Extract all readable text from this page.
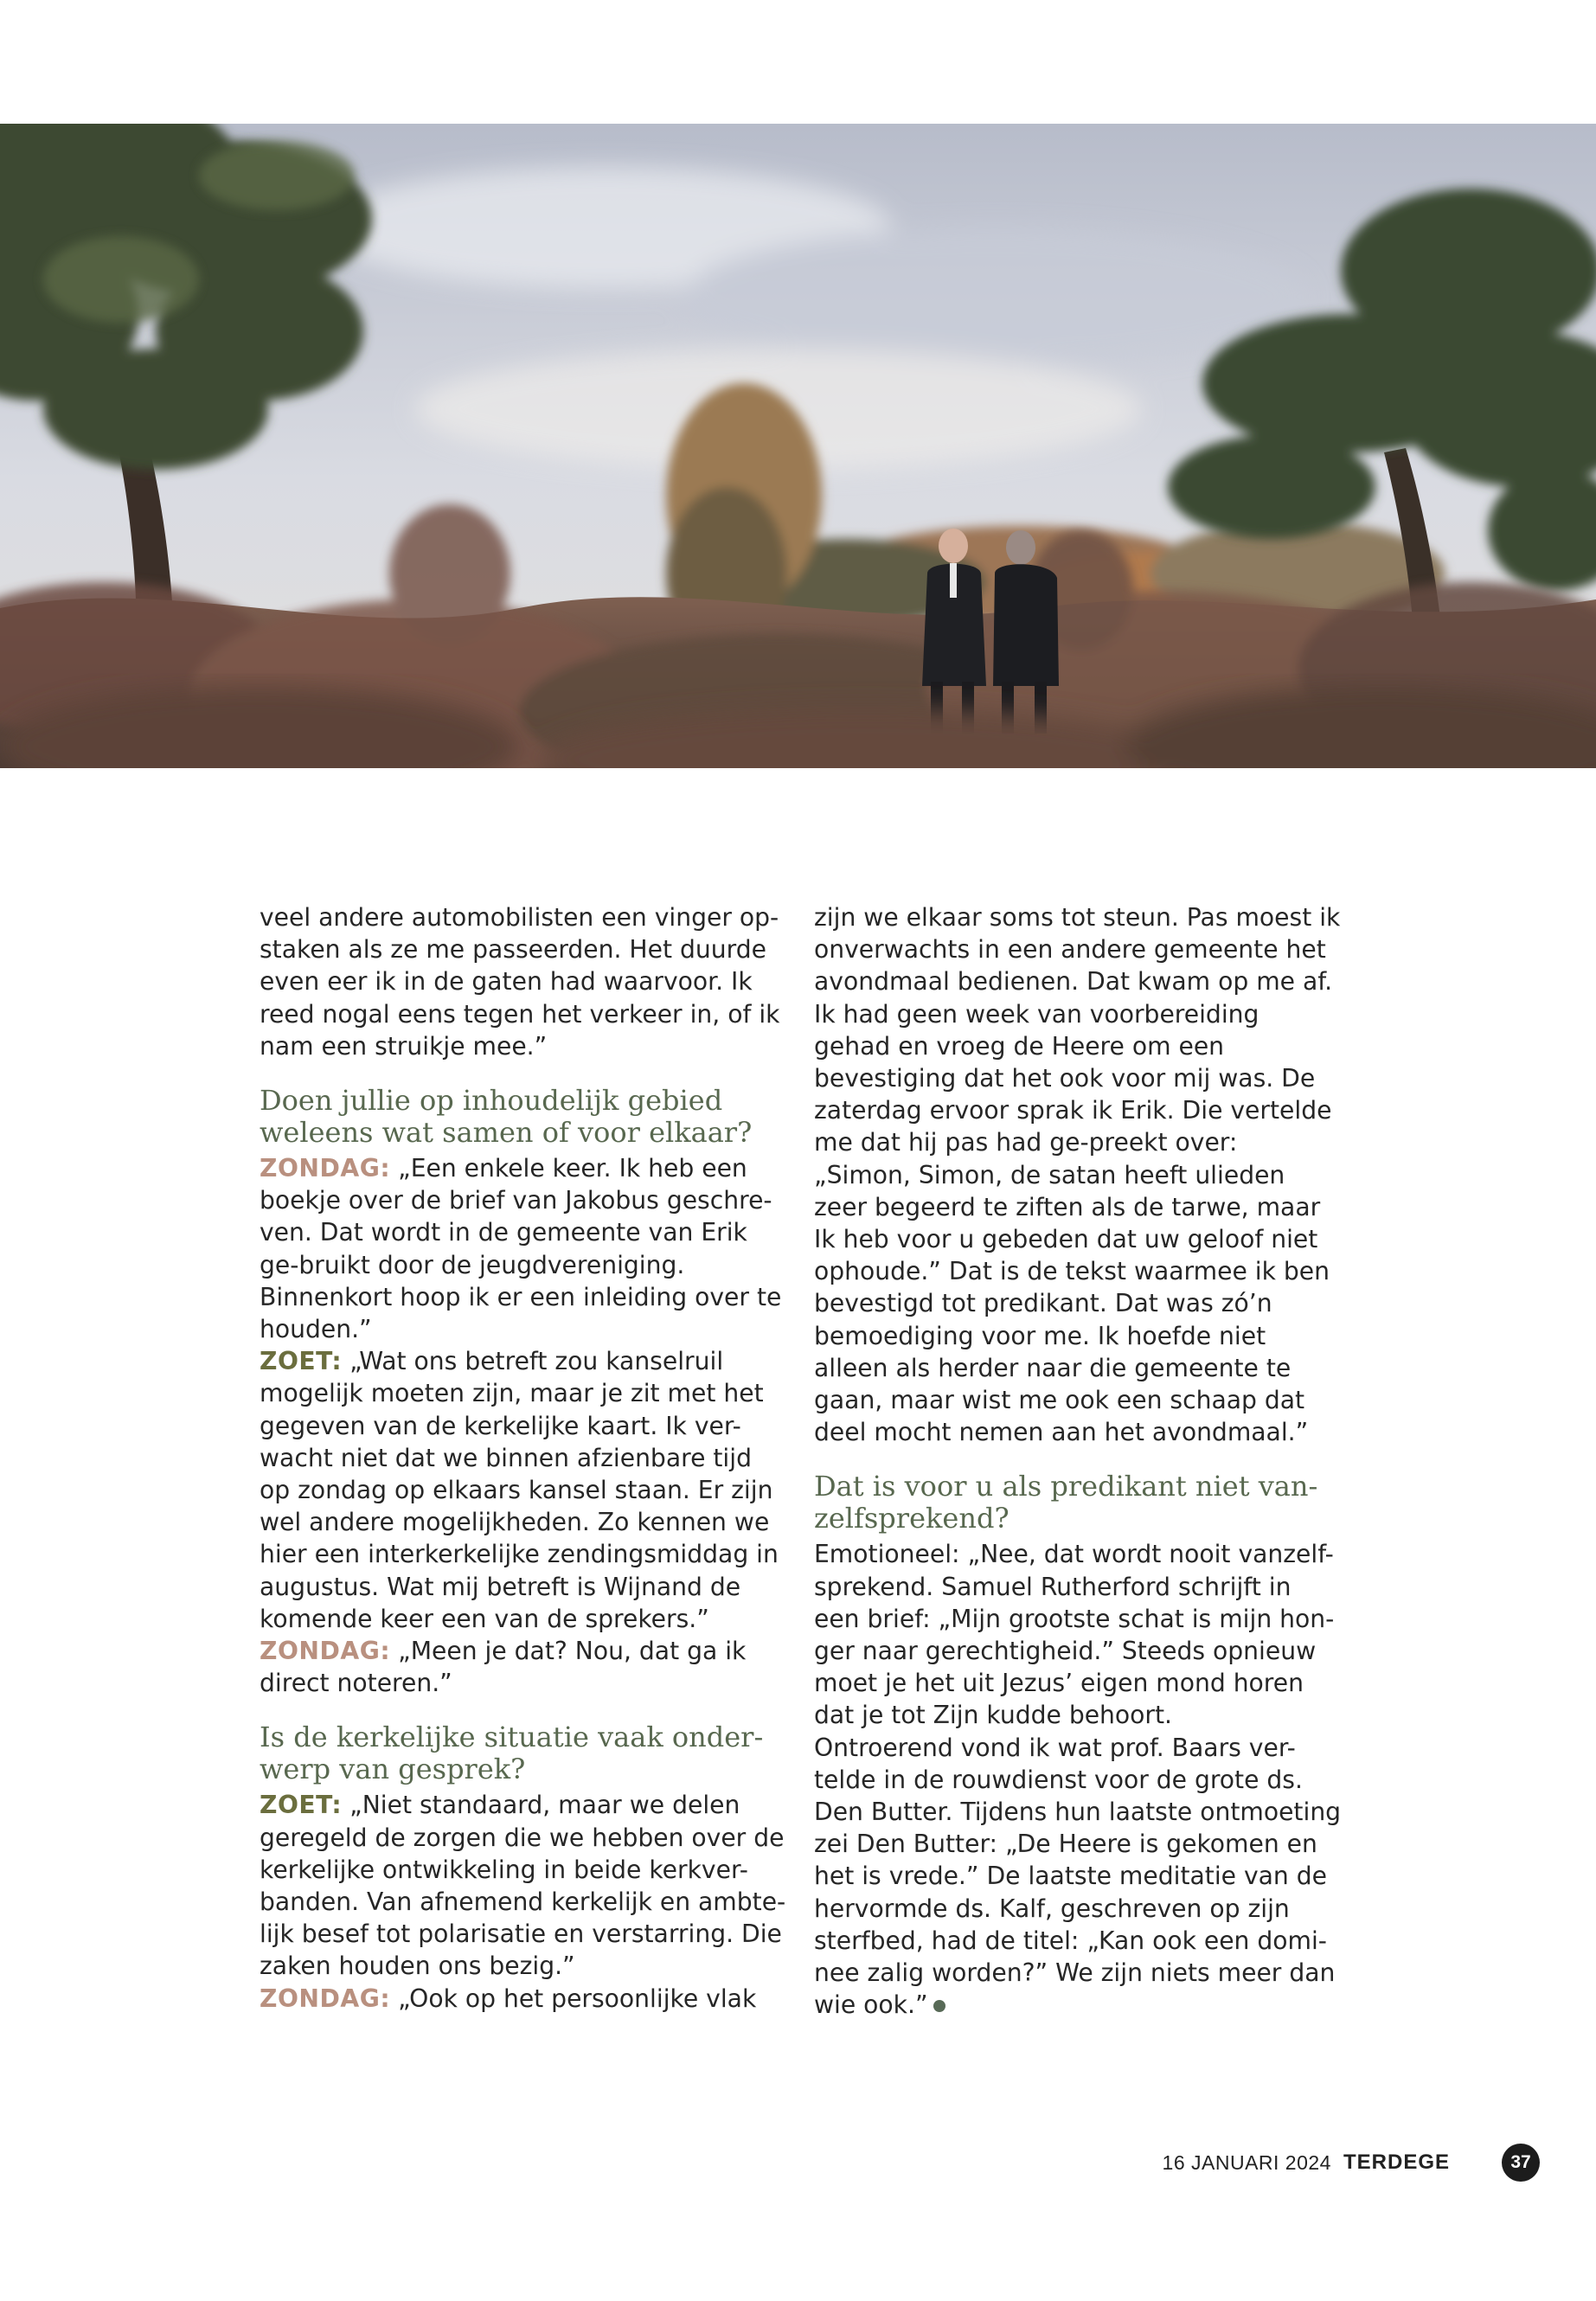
veel andere automobilisten een vinger op-staken als ze me passeerden. Het duurde even eer ik in de gaten had waarvoor. Ik reed nogal eens tegen het verkeer in, of ik nam een struikje mee.”

Doen jullie op inhoudelijk gebied weleens wat samen of voor elkaar?

ZONDAG: „Een enkele keer. Ik heb een boekje over de brief van Jakobus geschre-ven. Dat wordt in de gemeente van Erik ge-bruikt door de jeugdvereniging. Binnenkort hoop ik er een inleiding over te houden.”

ZOET: „Wat ons betreft zou kanselruil mogelijk moeten zijn, maar je zit met het gegeven van de kerkelijke kaart. Ik ver-wacht niet dat we binnen afzienbare tijd op zondag op elkaars kansel staan. Er zijn wel andere mogelijkheden. Zo kennen we hier een interkerkelijke zendingsmiddag in augustus. Wat mij betreft is Wijnand de komende keer een van de sprekers.”

ZONDAG: „Meen je dat? Nou, dat ga ik direct noteren.”

Is de kerkelijke situatie vaak onder-werp van gesprek?

ZOET: „Niet standaard, maar we delen geregeld de zorgen die we hebben over de kerkelijke ontwikkeling in beide kerkver-banden. Van afnemend kerkelijk en ambte-lijk besef tot polarisatie en verstarring. Die zaken houden ons bezig.”

ZONDAG: „Ook op het persoonlijke vlak

zijn we elkaar soms tot steun. Pas moest ik onverwachts in een andere gemeente het avondmaal bedienen. Dat kwam op me af. Ik had geen week van voorbereiding gehad en vroeg de Heere om een bevestiging dat het ook voor mij was. De zaterdag ervoor sprak ik Erik. Die vertelde me dat hij pas had ge-preekt over: „Simon, Simon, de satan heeft ulieden zeer begeerd te ziften als de tarwe, maar Ik heb voor u gebeden dat uw geloof niet ophoude.” Dat is de tekst waarmee ik ben bevestigd tot predikant. Dat was zó’n bemoediging voor me. Ik hoefde niet alleen als herder naar die gemeente te gaan, maar wist me ook een schaap dat deel mocht nemen aan het avondmaal.”

Dat is voor u als predikant niet van-zelfsprekend?

Emotioneel: „Nee, dat wordt nooit vanzelf-sprekend. Samuel Rutherford schrijft in een brief: „Mijn grootste schat is mijn hon-ger naar gerechtigheid.” Steeds opnieuw moet je het uit Jezus’ eigen mond horen dat je tot Zijn kudde behoort.

Ontroerend vond ik wat prof. Baars ver-telde in de rouwdienst voor de grote ds. Den Butter. Tijdens hun laatste ontmoeting zei Den Butter: „De Heere is gekomen en het is vrede.” De laatste meditatie van de hervormde ds. Kalf, geschreven op zijn sterfbed, had de titel: „Kan ook een domi-nee zalig worden?” We zijn niets meer dan wie ook.”

16 JANUARI 2024 TERDEGE	37
